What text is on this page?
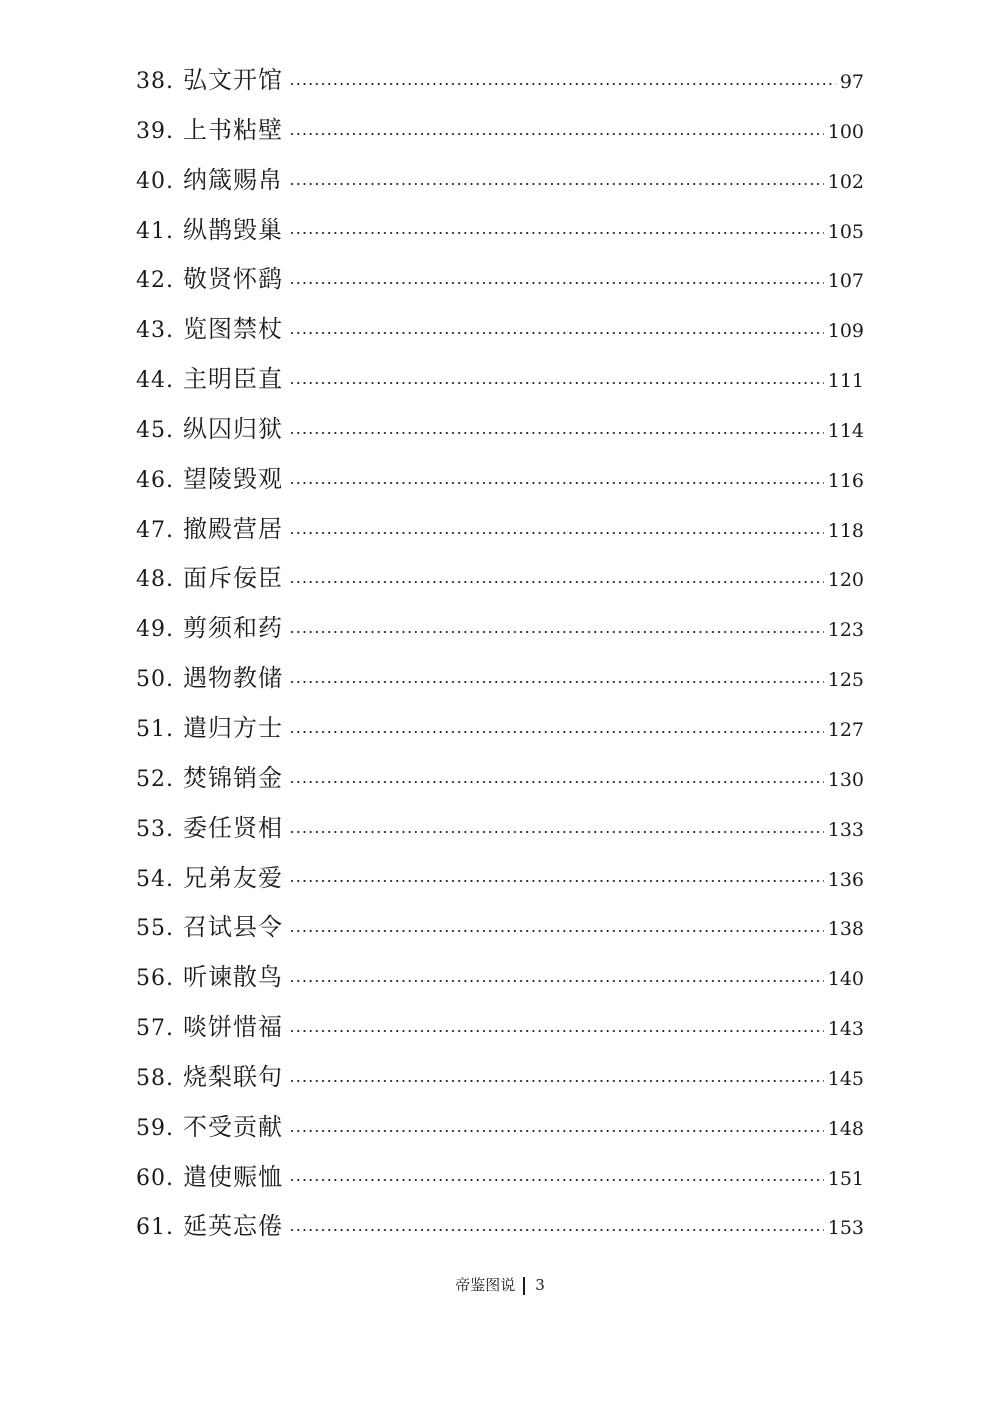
38 . 弘文开馆	97
39 . 上书粘壁	100
40 . 纳箴赐帛	102
41 . 纵鹊毁巢	105
42 . 敬贤怀鹞	107
43 . 览图禁杖	109
44 . 主明臣直	111
45 . 纵囚归狱	114
46 . 望陵毁观	116
47 . 撤殿营居	118
48 . 面斥佞臣	120
49 . 剪须和药	123
50 . 遇物教储	125
51 . 遣归方士	127
52 . 焚锦销金	130
53 . 委任贤相	133
54 . 兄弟友爱	136
55 . 召试县令	138
56 . 听谏散鸟	140
57 . 啖饼惜福	143
58 . 烧梨联句	145
59 . 不受贡献	148
60 . 遣使赈恤	151
61 . 延英忘倦	153
帝鉴图说 3
